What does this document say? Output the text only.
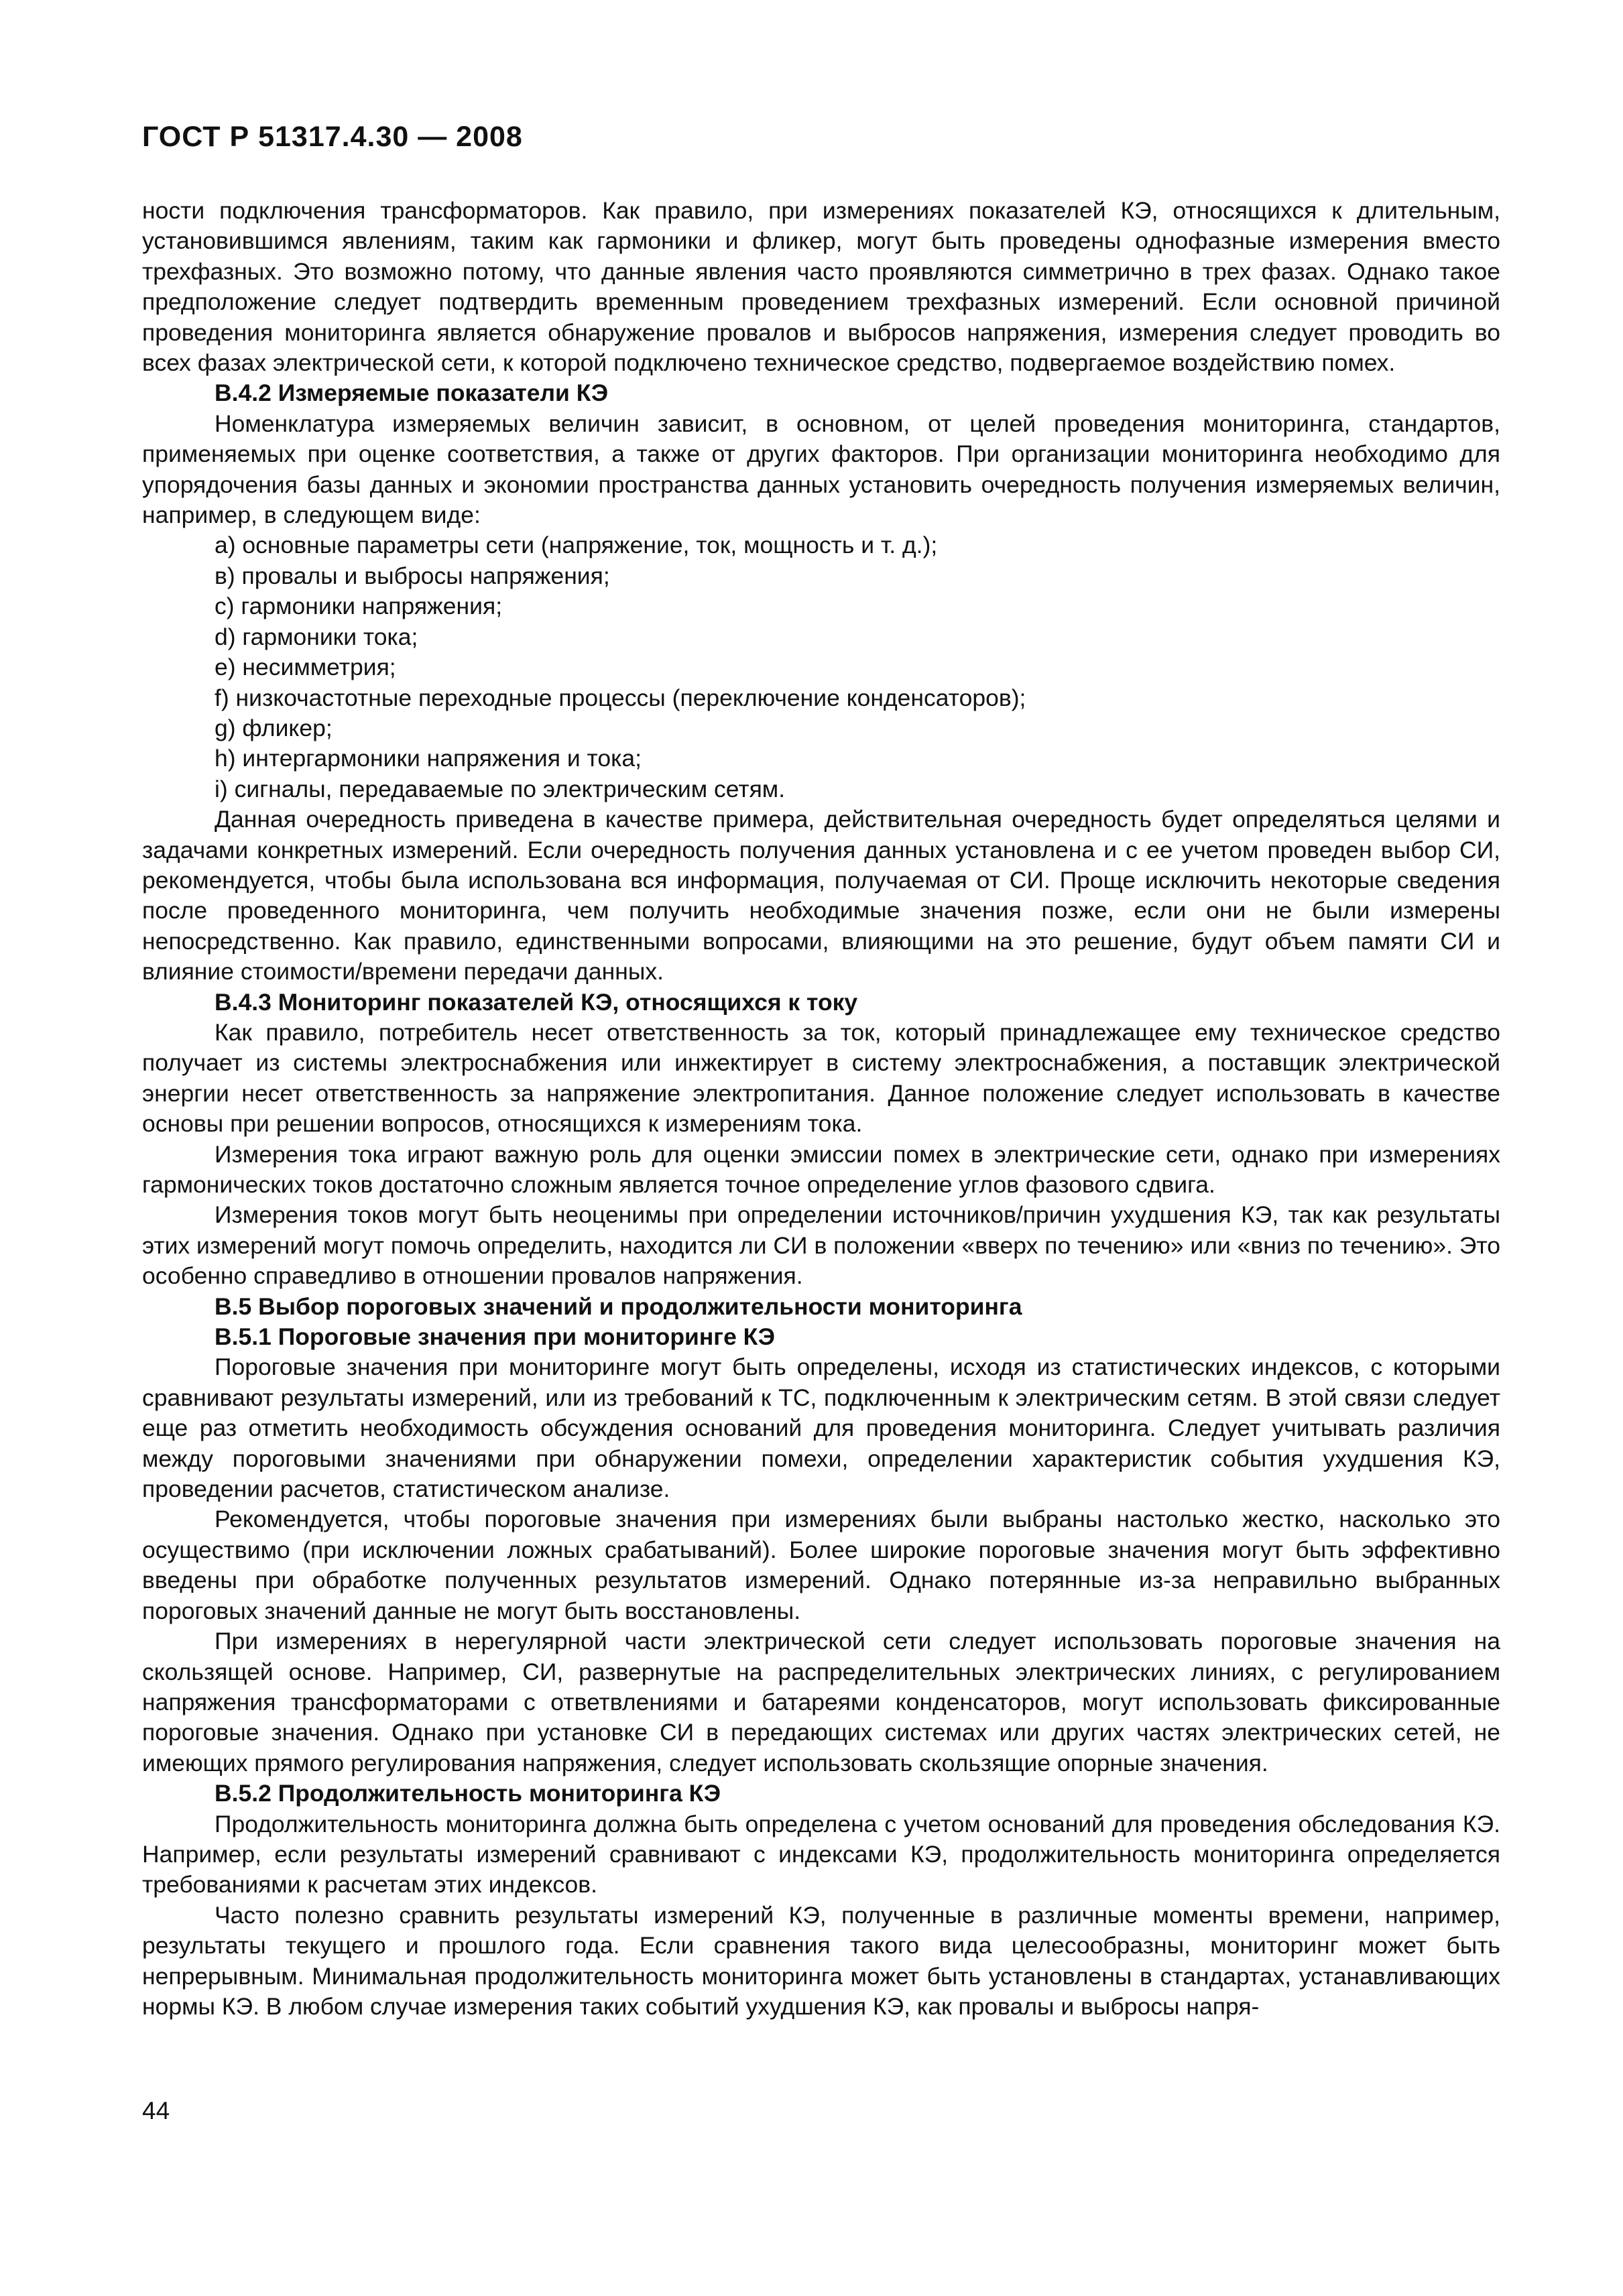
ГОСТ Р 51317.4.30 — 2008

ности подключения трансформаторов. Как правило, при измерениях показателей КЭ, относящихся к длительным, установившимся явлениям, таким как гармоники и фликер, могут быть проведены однофазные измерения вместо трехфазных. Это возможно потому, что данные явления часто проявляются симметрично в трех фазах. Однако такое предположение следует подтвердить временным проведением трехфазных измерений. Если основной причиной проведения мониторинга является обнаружение провалов и выбросов напряжения, измерения следует проводить во всех фазах электрической сети, к которой подключено техническое средство, подвергаемое воздействию помех.

В.4.2 Измеряемые показатели КЭ

Номенклатура измеряемых величин зависит, в основном, от целей проведения мониторинга, стандартов, применяемых при оценке соответствия, а также от других факторов. При организации мониторинга необходимо для упорядочения базы данных и экономии пространства данных установить очередность получения измеряемых величин, например, в следующем виде:

а) основные параметры сети (напряжение, ток, мощность и т. д.);

в) провалы и выбросы напряжения;

с) гармоники напряжения;

d) гармоники тока;

е) несимметрия;

f) низкочастотные переходные процессы (переключение конденсаторов);

g) фликер;

h) интергармоники напряжения и тока;

i) сигналы, передаваемые по электрическим сетям.

Данная очередность приведена в качестве примера, действительная очередность будет определяться целями и задачами конкретных измерений. Если очередность получения данных установлена и с ее учетом проведен выбор СИ, рекомендуется, чтобы была использована вся информация, получаемая от СИ. Проще исключить некоторые сведения после проведенного мониторинга, чем получить необходимые значения позже, если они не были измерены непосредственно. Как правило, единственными вопросами, влияющими на это решение, будут объем памяти СИ и влияние стоимости/времени передачи данных.

В.4.3 Мониторинг показателей КЭ, относящихся к току

Как правило, потребитель несет ответственность за ток, который принадлежащее ему техническое средство получает из системы электроснабжения или инжектирует в систему электроснабжения, а поставщик электрической энергии несет ответственность за напряжение электропитания. Данное положение следует использовать в качестве основы при решении вопросов, относящихся к измерениям тока.

Измерения тока играют важную роль для оценки эмиссии помех в электрические сети, однако при измерениях гармонических токов достаточно сложным является точное определение углов фазового сдвига.

Измерения токов могут быть неоценимы при определении источников/причин ухудшения КЭ, так как результаты этих измерений могут помочь определить, находится ли СИ в положении «вверх по течению» или «вниз по течению». Это особенно справедливо в отношении провалов напряжения.

В.5 Выбор пороговых значений и продолжительности мониторинга

В.5.1 Пороговые значения при мониторинге КЭ

Пороговые значения при мониторинге могут быть определены, исходя из статистических индексов, с которыми сравнивают результаты измерений, или из требований к ТС, подключенным к электрическим сетям. В этой связи следует еще раз отметить необходимость обсуждения оснований для проведения мониторинга. Следует учитывать различия между пороговыми значениями при обнаружении помехи, определении характеристик события ухудшения КЭ, проведении расчетов, статистическом анализе.

Рекомендуется, чтобы пороговые значения при измерениях были выбраны настолько жестко, насколько это осуществимо (при исключении ложных срабатываний). Более широкие пороговые значения могут быть эффективно введены при обработке полученных результатов измерений. Однако потерянные из-за неправильно выбранных пороговых значений данные не могут быть восстановлены.

При измерениях в нерегулярной части электрической сети следует использовать пороговые значения на скользящей основе. Например, СИ, развернутые на распределительных электрических линиях, с регулированием напряжения трансформаторами с ответвлениями и батареями конденсаторов, могут использовать фиксированные пороговые значения. Однако при установке СИ в передающих системах или других частях электрических сетей, не имеющих прямого регулирования напряжения, следует использовать скользящие опорные значения.

В.5.2 Продолжительность мониторинга КЭ

Продолжительность мониторинга должна быть определена с учетом оснований для проведения обследования КЭ. Например, если результаты измерений сравнивают с индексами КЭ, продолжительность мониторинга определяется требованиями к расчетам этих индексов.

Часто полезно сравнить результаты измерений КЭ, полученные в различные моменты времени, например, результаты текущего и прошлого года. Если сравнения такого вида целесообразны, мониторинг может быть непрерывным. Минимальная продолжительность мониторинга может быть установлены в стандартах, устанавливающих нормы КЭ. В любом случае измерения таких событий ухудшения КЭ, как провалы и выбросы напря-

44
